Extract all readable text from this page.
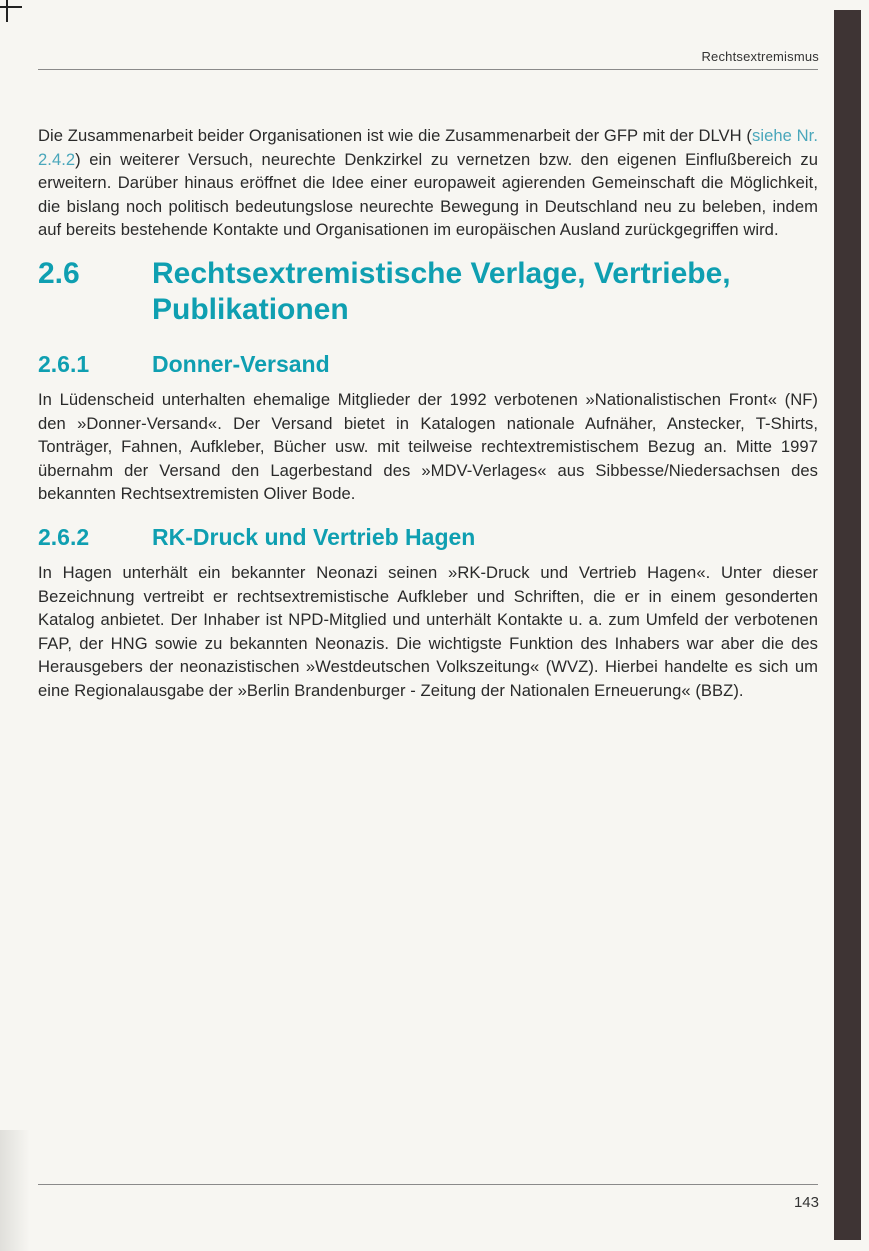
Rechtsextremismus

Die Zusammenarbeit beider Organisationen ist wie die Zusammenarbeit der GFP mit der DLVH (siehe Nr. 2.4.2) ein weiterer Versuch, neurechte Denkzirkel zu vernetzen bzw. den eigenen Einflußbereich zu erweitern. Darüber hinaus eröffnet die Idee einer europaweit agierenden Gemeinschaft die Möglichkeit, die bislang noch politisch bedeutungslose neurechte Bewegung in Deutschland neu zu beleben, indem auf bereits bestehende Kontakte und Organisationen im europäischen Ausland zurückgegriffen wird.

2.6	Rechtsextremistische Verlage, Vertriebe, Publikationen
2.6.1	Donner-Versand

In Lüdenscheid unterhalten ehemalige Mitglieder der 1992 verbotenen »Nationalistischen Front« (NF) den »Donner-Versand«. Der Versand bietet in Katalogen nationale Aufnäher, Anstecker, T-Shirts, Tonträger, Fahnen, Aufkleber, Bücher usw. mit teilweise rechtextremistischem Bezug an. Mitte 1997 übernahm der Versand den Lagerbestand des »MDV-Verlages« aus Sibbesse/Niedersachsen des bekannten Rechtsextremisten Oliver Bode.

2.6.2	RK-Druck und Vertrieb Hagen

In Hagen unterhält ein bekannter Neonazi seinen »RK-Druck und Vertrieb Hagen«. Unter dieser Bezeichnung vertreibt er rechtsextremistische Aufkleber und Schriften, die er in einem gesonderten Katalog anbietet. Der Inhaber ist NPD-Mitglied und unterhält Kontakte u. a. zum Umfeld der verbotenen FAP, der HNG sowie zu bekannten Neonazis. Die wichtigste Funktion des Inhabers war aber die des Herausgebers der neonazistischen »Westdeutschen Volkszeitung« (WVZ). Hierbei handelte es sich um eine Regionalausgabe der »Berlin Brandenburger - Zeitung der Nationalen Erneuerung« (BBZ).

143
